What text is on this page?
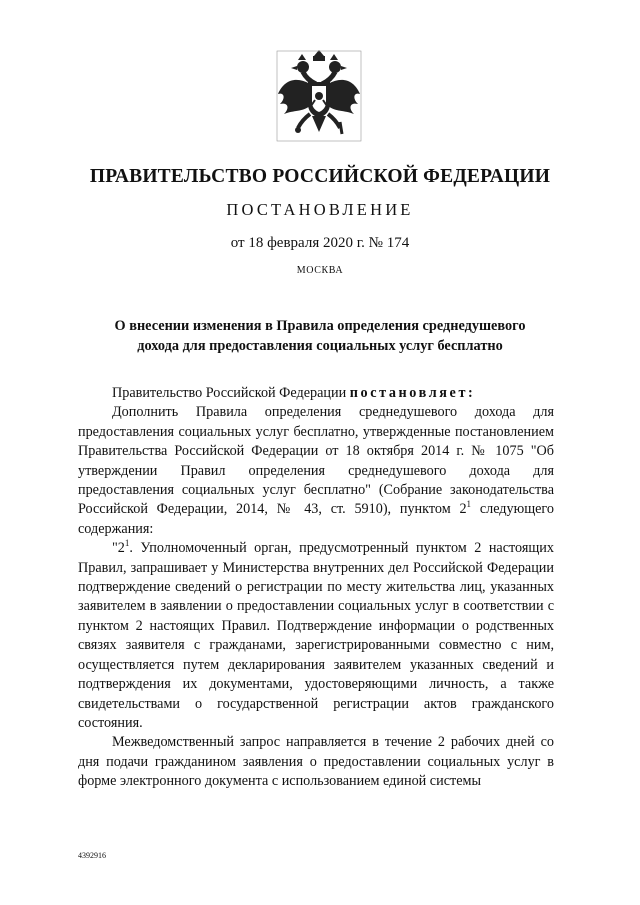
ПРАВИТЕЛЬСТВО РОССИЙСКОЙ ФЕДЕРАЦИИ
ПОСТАНОВЛЕНИЕ
от 18 февраля 2020 г. № 174
МОСКВА
О внесении изменения в Правила определения среднедушевого
дохода для предоставления социальных услуг бесплатно

Правительство Российской Федерации постановляет:

Дополнить Правила определения среднедушевого дохода для предоставления социальных услуг бесплатно, утвержденные постановлением Правительства Российской Федерации от 18 октября 2014 г. № 1075 "Об утверждении Правил определения среднедушевого дохода для предоставления социальных услуг бесплатно" (Собрание законодательства Российской Федерации, 2014, № 43, ст. 5910), пунктом $2^1$ следующего содержания:

"$2^1$. Уполномоченный орган, предусмотренный пунктом 2 настоящих Правил, запрашивает у Министерства внутренних дел Российской Федерации подтверждение сведений о регистрации по месту жительства лиц, указанных заявителем в заявлении о предоставлении социальных услуг в соответствии с пунктом 2 настоящих Правил. Подтверждение информации о родственных связях заявителя с гражданами, зарегистрированными совместно с ним, осуществляется путем декларирования заявителем указанных сведений и подтверждения их документами, удостоверяющими личность, а также свидетельствами о государственной регистрации актов гражданского состояния.

Межведомственный запрос направляется в течение 2 рабочих дней со дня подачи гражданином заявления о предоставлении социальных услуг в форме электронного документа с использованием единой системы

4392916
